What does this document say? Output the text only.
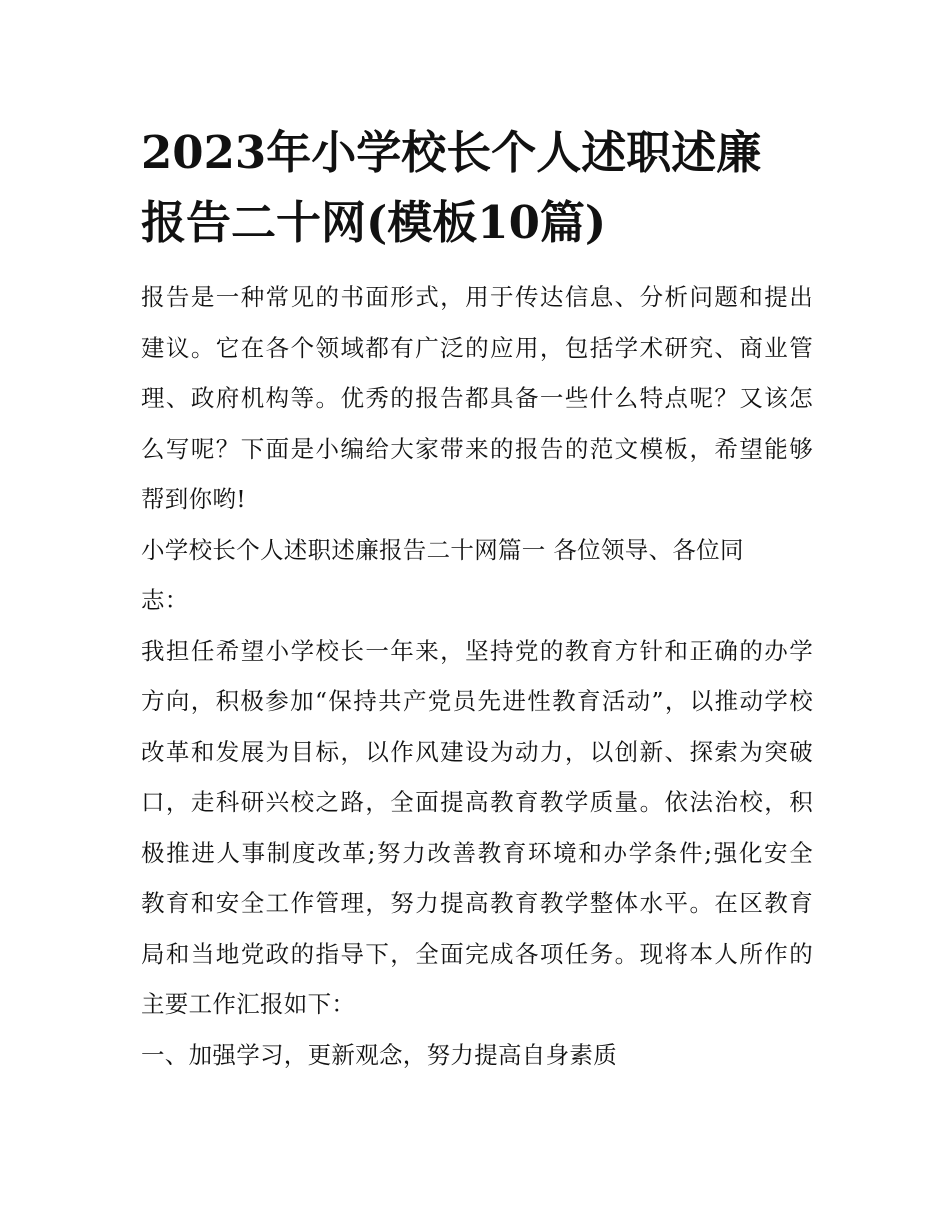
2023年小学校长个人述职述廉
报告二十网(模板10篇)

报告是一种常见的书面形式，用于传达信息、分析问题和提出
建议。它在各个领域都有广泛的应用，包括学术研究、商业管
理、政府机构等。优秀的报告都具备一些什么特点呢？又该怎
么写呢？下面是小编给大家带来的报告的范文模板，希望能够
帮到你哟!

小学校长个人述职述廉报告二十网篇一 各位领导、各位同
志：

我担任希望小学校长一年来，坚持党的教育方针和正确的办学
方向，积极参加“保持共产党员先进性教育活动”，以推动学校
改革和发展为目标，以作风建设为动力，以创新、探索为突破
口，走科研兴校之路，全面提高教育教学质量。依法治校，积
极推进人事制度改革;努力改善教育环境和办学条件;强化安全
教育和安全工作管理，努力提高教育教学整体水平。在区教育
局和当地党政的指导下，全面完成各项任务。现将本人所作的
主要工作汇报如下：

一、加强学习，更新观念，努力提高自身素质
